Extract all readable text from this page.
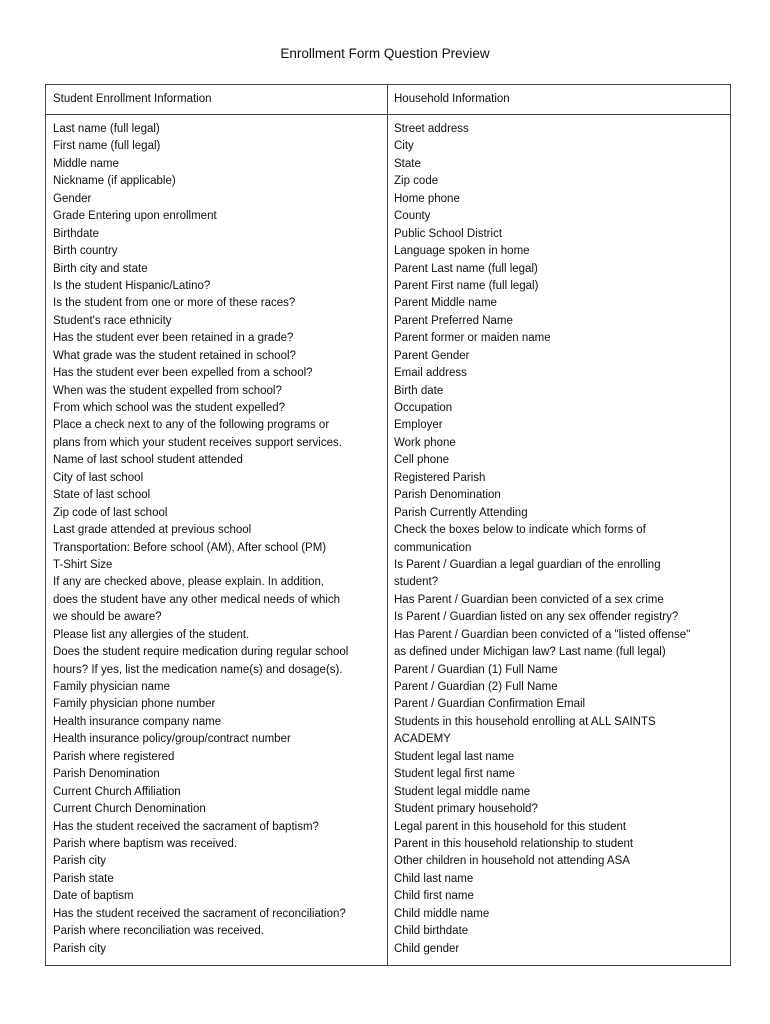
Enrollment Form Question Preview
Student Enrollment Information	Household Information
Last name (full legal)
First name (full legal)
Middle name
Nickname (if applicable)
Gender
Grade Entering upon enrollment
Birthdate
Birth country
Birth city and state
Is the student Hispanic/Latino?
Is the student from one or more of these races?
Student's race ethnicity
Has the student ever been retained in a grade?
What grade was the student retained in school?
Has the student ever been expelled from a school?
When was the student expelled from school?
From which school was the student expelled?
Place a check next to any of the following programs or
plans from which your student receives support services.
Name of last school student attended
City of last school
State of last school
Zip code of last school
Last grade attended at previous school
Transportation: Before school (AM), After school (PM)
T-Shirt Size
If any are checked above, please explain. In addition,
does the student have any other medical needs of which
we should be aware?
Please list any allergies of the student.
Does the student require medication during regular school
hours? If yes, list the medication name(s) and dosage(s).
Family physician name
Family physician phone number
Health insurance company name
Health insurance policy/group/contract number
Parish where registered
Parish Denomination
Current Church Affiliation
Current Church Denomination
Has the student received the sacrament of baptism?
Parish where baptism was received.
Parish city
Parish state
Date of baptism
Has the student received the sacrament of reconciliation?
Parish where reconciliation was received.
Parish city
Street address
City
State
Zip code
Home phone
County
Public School District
Language spoken in home
Parent Last name (full legal)
Parent First name (full legal)
Parent Middle name
Parent Preferred Name
Parent former or maiden name
Parent Gender
Email address
Birth date
Occupation
Employer
Work phone
Cell phone
Registered Parish
Parish Denomination
Parish Currently Attending
Check the boxes below to indicate which forms of
communication
Is Parent / Guardian a legal guardian of the enrolling
student?
Has Parent / Guardian been convicted of a sex crime
Is Parent / Guardian listed on any sex offender registry?
Has Parent / Guardian been convicted of a "listed offense"
as defined under Michigan law? Last name (full legal)
Parent / Guardian (1) Full Name
Parent / Guardian (2) Full Name
Parent / Guardian Confirmation Email
Students in this household enrolling at ALL SAINTS
ACADEMY
Student legal last name
Student legal first name
Student legal middle name
Student primary household?
Legal parent in this household for this student
Parent in this household relationship to student
Other children in household not attending ASA
Child last name
Child first name
Child middle name
Child birthdate
Child gender
